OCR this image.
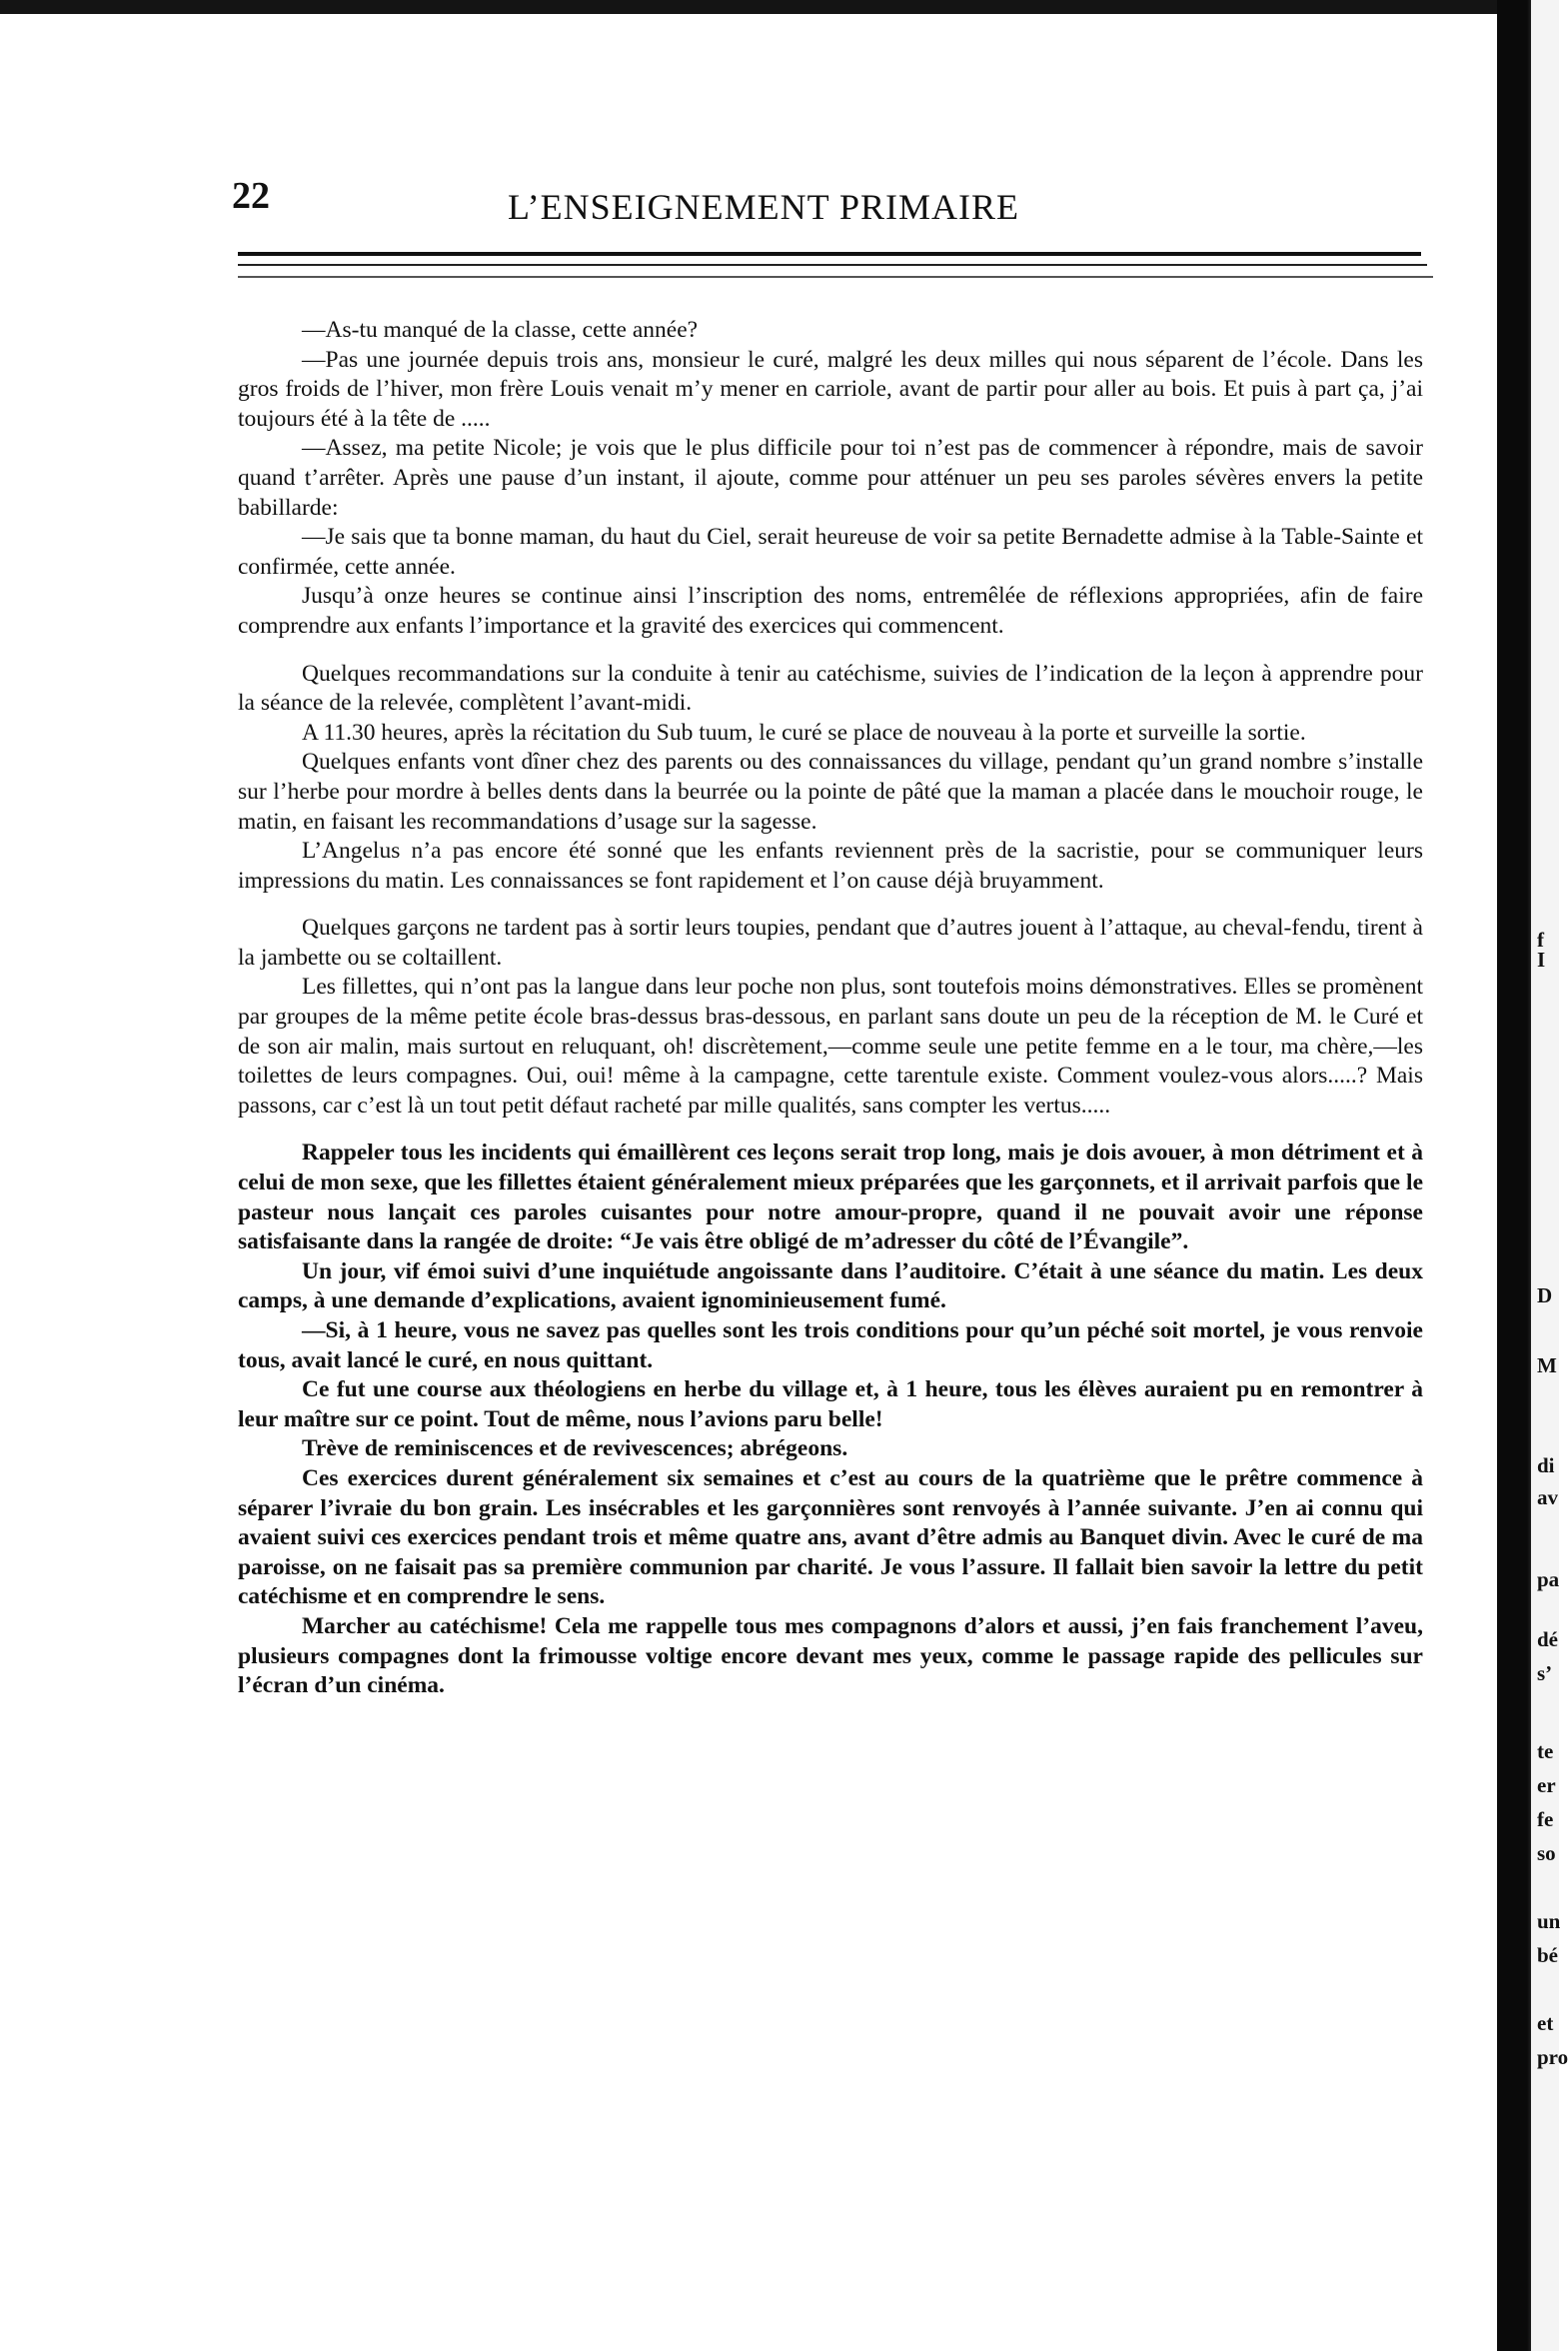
f
I
D
M
di
av
pa
dé
s’
te
er
fe
so
un
bé
et
pro
22	L’ENSEIGNEMENT PRIMAIRE

—As-tu manqué de la classe, cette année?

—Pas une journée depuis trois ans, monsieur le curé, malgré les deux milles qui nous séparent de l’école. Dans les gros froids de l’hiver, mon frère Louis venait m’y mener en carriole, avant de partir pour aller au bois. Et puis à part ça, j’ai toujours été à la tête de .....

—Assez, ma petite Nicole; je vois que le plus difficile pour toi n’est pas de commencer à répondre, mais de savoir quand t’arrêter. Après une pause d’un instant, il ajoute, comme pour atténuer un peu ses paroles sévères envers la petite babillarde:

—Je sais que ta bonne maman, du haut du Ciel, serait heureuse de voir sa petite Bernadette admise à la Table-Sainte et confirmée, cette année.

Jusqu’à onze heures se continue ainsi l’inscription des noms, entremêlée de réflexions appropriées, afin de faire comprendre aux enfants l’importance et la gravité des exercices qui commencent.

Quelques recommandations sur la conduite à tenir au catéchisme, suivies de l’indication de la leçon à apprendre pour la séance de la relevée, complètent l’avant-midi.

A 11.30 heures, après la récitation du Sub tuum, le curé se place de nouveau à la porte et surveille la sortie.

Quelques enfants vont dîner chez des parents ou des connaissances du village, pendant qu’un grand nombre s’installe sur l’herbe pour mordre à belles dents dans la beurrée ou la pointe de pâté que la maman a placée dans le mouchoir rouge, le matin, en faisant les recommandations d’usage sur la sagesse.

L’Angelus n’a pas encore été sonné que les enfants reviennent près de la sacristie, pour se communiquer leurs impressions du matin. Les connaissances se font rapidement et l’on cause déjà bruyamment.

Quelques garçons ne tardent pas à sortir leurs toupies, pendant que d’autres jouent à l’attaque, au cheval-fendu, tirent à la jambette ou se coltaillent.

Les fillettes, qui n’ont pas la langue dans leur poche non plus, sont toutefois moins démonstratives. Elles se promènent par groupes de la même petite école bras-dessus bras-dessous, en parlant sans doute un peu de la réception de M. le Curé et de son air malin, mais surtout en reluquant, oh! discrètement,—comme seule une petite femme en a le tour, ma chère,—les toilettes de leurs compagnes. Oui, oui! même à la campagne, cette tarentule existe. Comment voulez-vous alors.....? Mais passons, car c’est là un tout petit défaut racheté par mille qualités, sans compter les vertus.....

Rappeler tous les incidents qui émaillèrent ces leçons serait trop long, mais je dois avouer, à mon détriment et à celui de mon sexe, que les fillettes étaient généralement mieux préparées que les garçonnets, et il arrivait parfois que le pasteur nous lançait ces paroles cuisantes pour notre amour-propre, quand il ne pouvait avoir une réponse satisfaisante dans la rangée de droite: “Je vais être obligé de m’adresser du côté de l’Évangile”.

Un jour, vif émoi suivi d’une inquiétude angoissante dans l’auditoire. C’était à une séance du matin. Les deux camps, à une demande d’explications, avaient ignominieusement fumé.

—Si, à 1 heure, vous ne savez pas quelles sont les trois conditions pour qu’un péché soit mortel, je vous renvoie tous, avait lancé le curé, en nous quittant.

Ce fut une course aux théologiens en herbe du village et, à 1 heure, tous les élèves auraient pu en remontrer à leur maître sur ce point. Tout de même, nous l’avions paru belle!

Trève de reminiscences et de revivescences; abrégeons.

Ces exercices durent généralement six semaines et c’est au cours de la quatrième que le prêtre commence à séparer l’ivraie du bon grain. Les insécrables et les garçonnières sont renvoyés à l’année suivante. J’en ai connu qui avaient suivi ces exercices pendant trois et même quatre ans, avant d’être admis au Banquet divin. Avec le curé de ma paroisse, on ne faisait pas sa première communion par charité. Je vous l’assure. Il fallait bien savoir la lettre du petit catéchisme et en comprendre le sens.

Marcher au catéchisme! Cela me rappelle tous mes compagnons d’alors et aussi, j’en fais franchement l’aveu, plusieurs compagnes dont la frimousse voltige encore devant mes yeux, comme le passage rapide des pellicules sur l’écran d’un cinéma.
